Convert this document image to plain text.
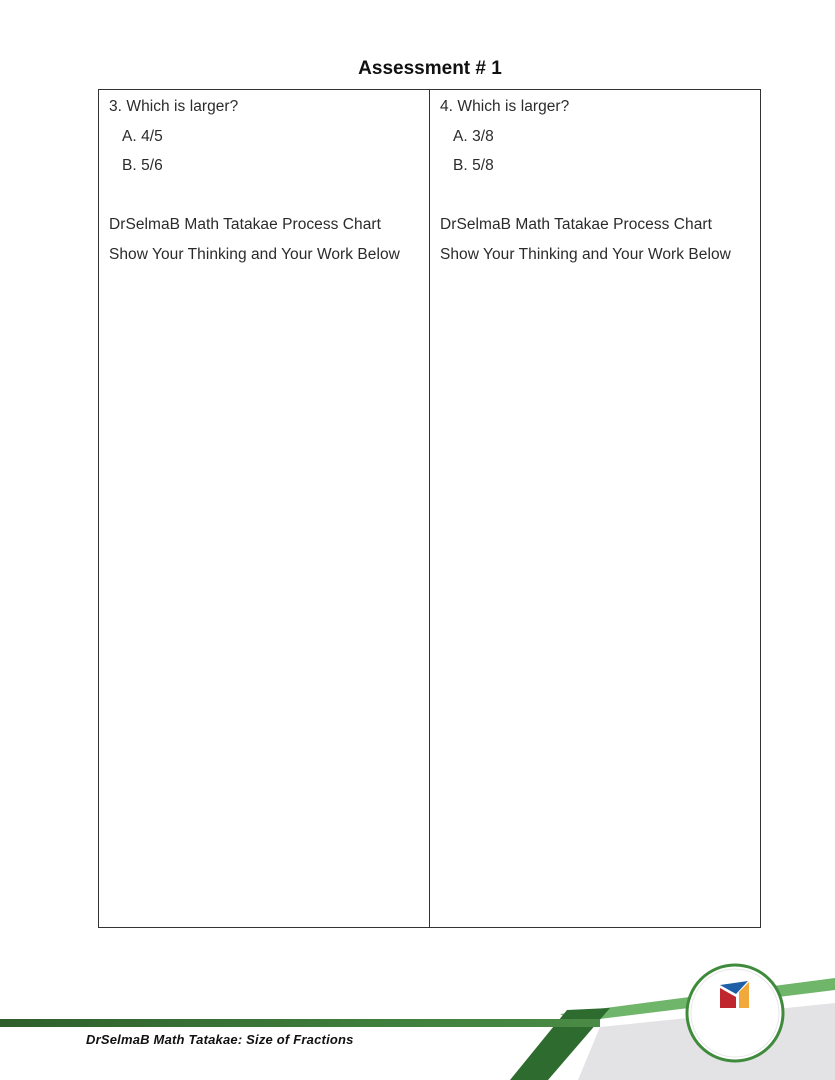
Assessment # 1
3. Which is larger?
A. 4/5
B. 5/6
DrSelmaB Math Tatakae Process Chart
Show Your Thinking and Your Work Below
4. Which is larger?
A. 3/8
B. 5/8
DrSelmaB Math Tatakae Process Chart
Show Your Thinking and Your Work Below
DrSelmaB Math Tatakae: Size of Fractions
